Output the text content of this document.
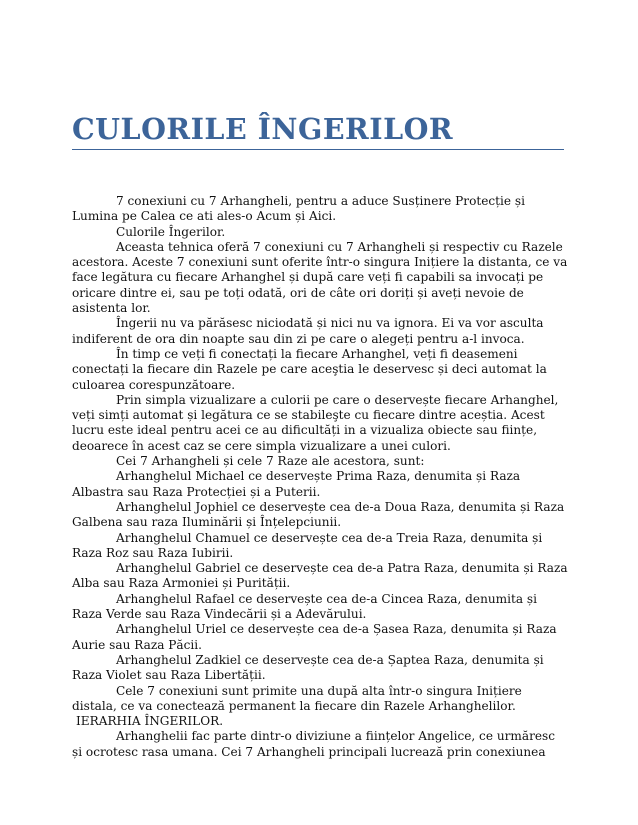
CULORILE ÎNGERILOR

7 conexiuni cu 7 Arhangheli, pentru a aduce Susținere Protecție și Lumina pe Calea ce ati ales-o Acum și Aici.

Culorile Îngerilor.

Aceasta tehnica oferă 7 conexiuni cu 7 Arhangheli și respectiv cu Razele acestora. Aceste 7 conexiuni sunt oferite într-o singura Inițiere la distanta, ce va face legătura cu fiecare Arhanghel și după care veți fi capabili sa invocați pe oricare dintre ei, sau pe toți odată, ori de câte ori doriți și aveți nevoie de asistenta lor.

Îngerii nu va părăsesc niciodată și nici nu va ignora. Ei va vor asculta indiferent de ora din noapte sau din zi pe care o alegeți pentru a-l invoca.

În timp ce veți fi conectați la fiecare Arhanghel, veți fi deasemeni conectați la fiecare din Razele pe care aceştia le deservesc și deci automat la culoarea corespunzătoare.

Prin simpla vizualizare a culorii pe care o deservește fiecare Arhanghel, veți simți automat și legătura ce se stabileşte cu fiecare dintre aceștia. Acest lucru este ideal pentru acei ce au dificultăți in a vizualiza obiecte sau ființe, deoarece în acest caz se cere simpla vizualizare a unei culori.

Cei 7 Arhangheli și cele 7 Raze ale acestora, sunt:

Arhanghelul Michael ce deservește Prima Raza, denumita și Raza Albastra sau Raza Protecției și a Puterii.

Arhanghelul Jophiel ce deservește cea de-a Doua Raza, denumita și Raza Galbena sau raza Iluminării și Înțelepciunii.

Arhanghelul Chamuel ce deservește cea de-a Treia Raza, denumita și Raza Roz sau Raza Iubirii.

Arhanghelul Gabriel ce deservește cea de-a Patra Raza, denumita și Raza Alba sau Raza Armoniei și Purității.

Arhanghelul Rafael ce deservește cea de-a Cincea Raza, denumita și Raza Verde sau Raza Vindecării și a Adevărului.

Arhanghelul Uriel ce deservește cea de-a Șasea Raza, denumita și Raza Aurie sau Raza Păcii.

Arhanghelul Zadkiel ce deservește cea de-a Șaptea Raza, denumita și Raza Violet sau Raza Libertății.

Cele 7 conexiuni sunt primite una după alta într-o singura Inițiere distala, ce va conectează permanent la fiecare din Razele Arhanghelilor.

IERARHIA ÎNGERILOR.

Arhanghelii fac parte dintr-o diviziune a ființelor Angelice, ce urmăresc și ocrotesc rasa umana. Cei 7 Arhangheli principali lucrează prin conexiunea
